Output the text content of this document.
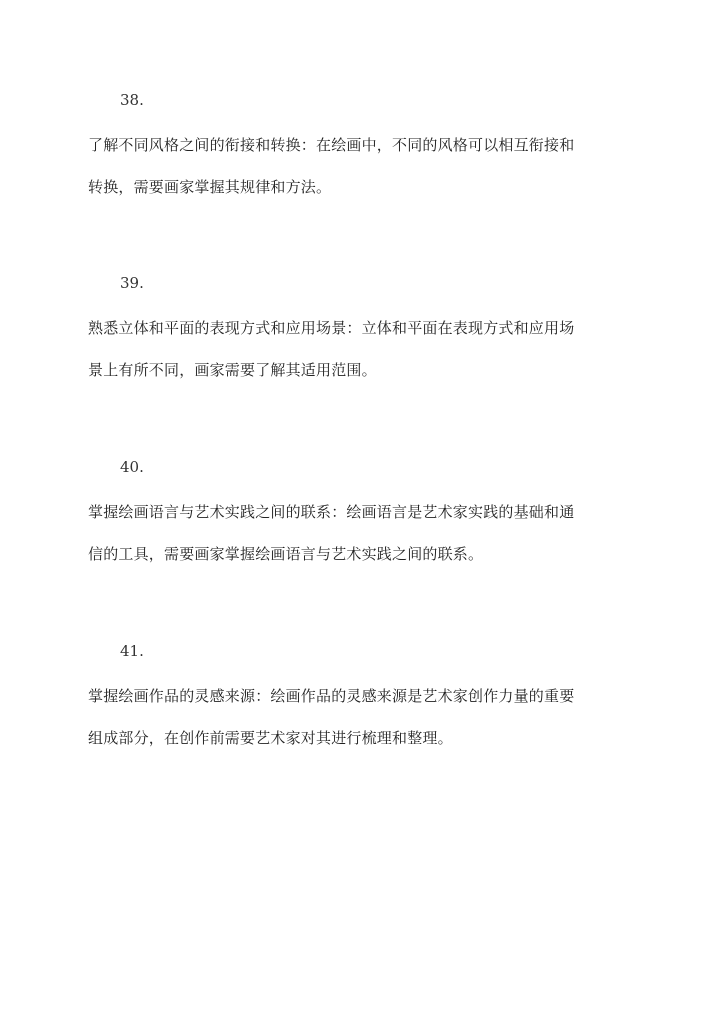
38.
了解不同风格之间的衔接和转换：在绘画中，不同的风格可以相互衔接和
转换，需要画家掌握其规律和方法。
39.
熟悉立体和平面的表现方式和应用场景：立体和平面在表现方式和应用场
景上有所不同，画家需要了解其适用范围。
40.
掌握绘画语言与艺术实践之间的联系：绘画语言是艺术家实践的基础和通
信的工具，需要画家掌握绘画语言与艺术实践之间的联系。
41.
掌握绘画作品的灵感来源：绘画作品的灵感来源是艺术家创作力量的重要
组成部分，在创作前需要艺术家对其进行梳理和整理。
